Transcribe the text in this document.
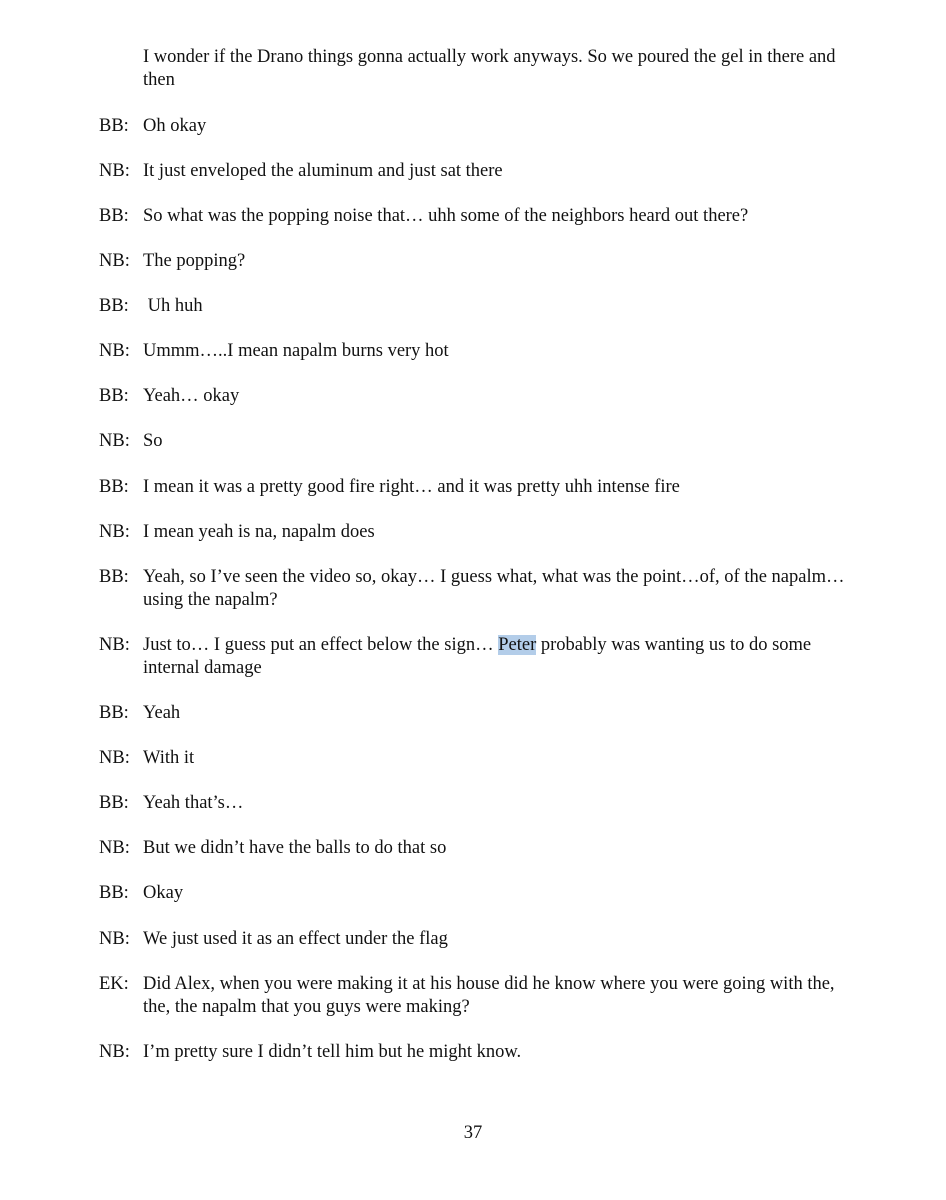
I wonder if the Drano things gonna actually work anyways. So we poured the gel in there and then
BB: Oh okay
NB: It just enveloped the aluminum and just sat there
BB: So what was the popping noise that… uhh some of the neighbors heard out there?
NB: The popping?
BB: Uh huh
NB: Ummm…..I mean napalm burns very hot
BB: Yeah… okay
NB: So
BB: I mean it was a pretty good fire right… and it was pretty uhh intense fire
NB: I mean yeah is na, napalm does
BB: Yeah, so I’ve seen the video so, okay… I guess what, what was the point…of, of the napalm… using the napalm?
NB: Just to… I guess put an effect below the sign… Peter probably was wanting us to do some internal damage
BB: Yeah
NB: With it
BB: Yeah that’s…
NB: But we didn’t have the balls to do that so
BB: Okay
NB: We just used it as an effect under the flag
EK: Did Alex, when you were making it at his house did he know where you were going with the, the, the napalm that you guys were making?
NB: I’m pretty sure I didn’t tell him but he might know.
37
